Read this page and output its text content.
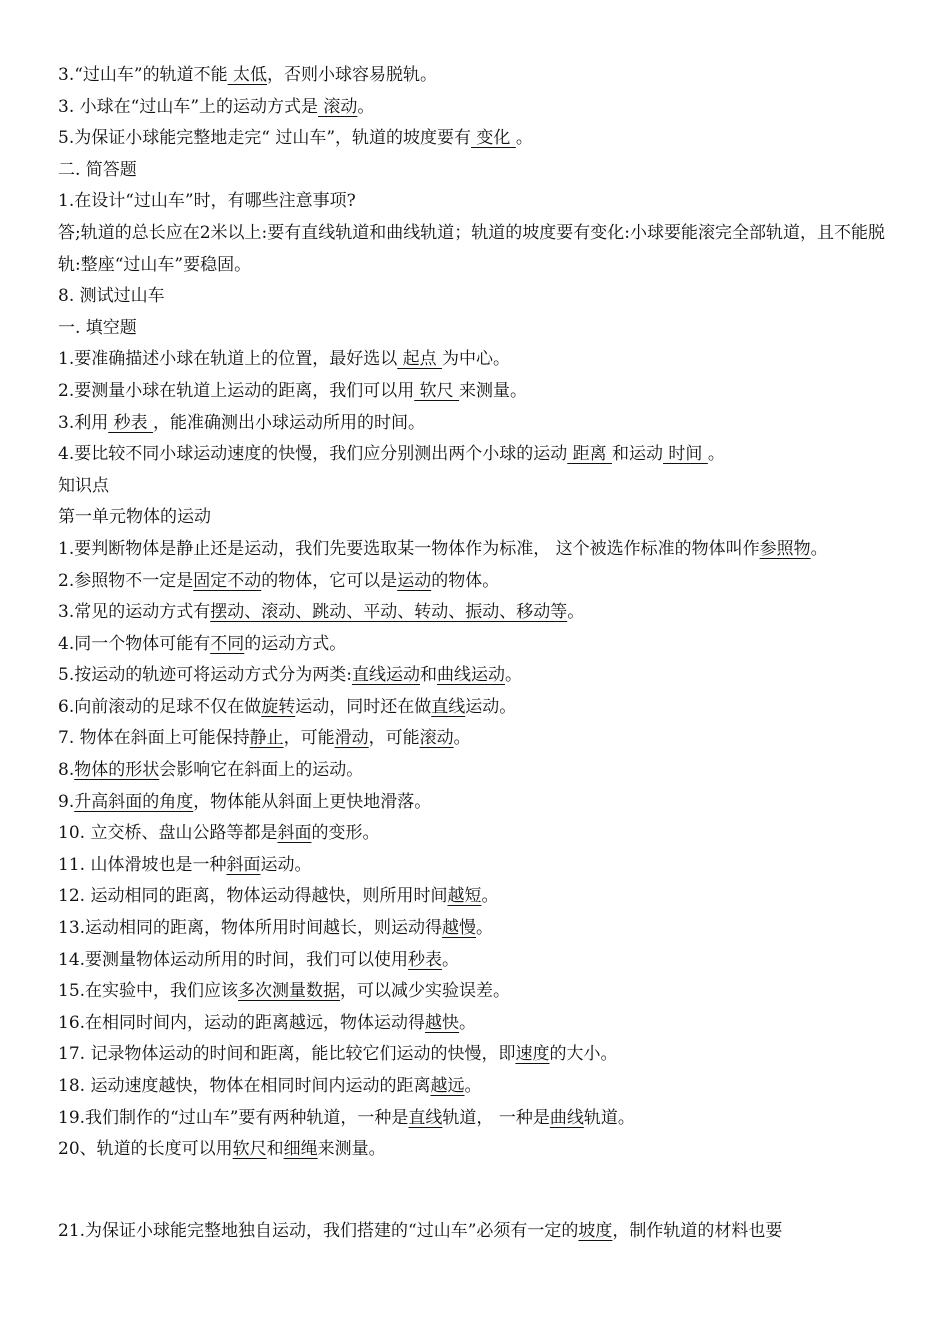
3.“过山车”的轨道不能 太低，否则小球容易脱轨。
3. 小球在“过山车”上的运动方式是 滚动。
5.为保证小球能完整地走完“ 过山车”，轨道的坡度要有 变化 。
二. 简答题
1.在设计“过山车”时，有哪些注意事项?
答;轨道的总长应在2米以上:要有直线轨道和曲线轨道；轨道的坡度要有变化:小球要能滚完全部轨道，且不能脱轨:整座“过山车”要稳固。
8. 测试过山车
一. 填空题
1.要准确描述小球在轨道上的位置，最好选以 起点 为中心。
2.要测量小球在轨道上运动的距离，我们可以用 软尺 来测量。
3.利用 秒表 ，能准确测出小球运动所用的时间。
4.要比较不同小球运动速度的快慢，我们应分别测出两个小球的运动 距离 和运动 时间 。
知识点
第一单元物体的运动
1.要判断物体是静止还是运动，我们先要选取某一物体作为标准， 这个被选作标准的物体叫作参照物。
2.参照物不一定是固定不动的物体，它可以是运动的物体。
3.常见的运动方式有摆动、滚动、跳动、平动、转动、振动、移动等。
4.同一个物体可能有不同的运动方式。
5.按运动的轨迹可将运动方式分为两类:直线运动和曲线运动。
6.向前滚动的足球不仅在做旋转运动，同时还在做直线运动。
7. 物体在斜面上可能保持静止，可能滑动，可能滚动。
8.物体的形状会影响它在斜面上的运动。
9.升高斜面的角度，物体能从斜面上更快地滑落。
10. 立交桥、盘山公路等都是斜面的变形。
11. 山体滑坡也是一种斜面运动。
12. 运动相同的距离，物体运动得越快，则所用时间越短。
13.运动相同的距离，物体所用时间越长，则运动得越慢。
14.要测量物体运动所用的时间，我们可以使用秒表。
15.在实验中，我们应该多次测量数据，可以减少实验误差。
16.在相同时间内，运动的距离越远，物体运动得越快。
17. 记录物体运动的时间和距离，能比较它们运动的快慢，即速度的大小。
18. 运动速度越快，物体在相同时间内运动的距离越远。
19.我们制作的“过山车”要有两种轨道，一种是直线轨道， 一种是曲线轨道。
20、轨道的长度可以用软尺和细绳来测量。
21.为保证小球能完整地独自运动，我们搭建的“过山车”必须有一定的坡度，制作轨道的材料也要
